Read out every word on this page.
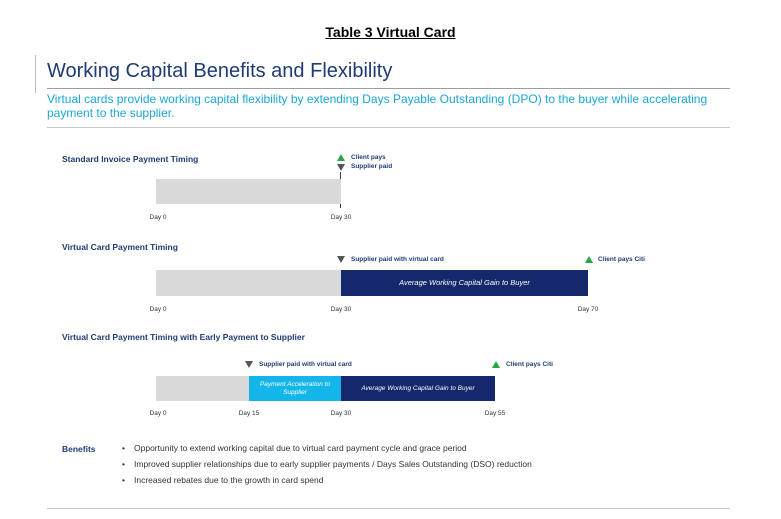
Table 3 Virtual Card
Working Capital Benefits and Flexibility
Virtual cards provide working capital flexibility by extending Days Payable Outstanding (DPO) to the buyer while accelerating payment to the supplier.
Standard Invoice Payment Timing	Client pays
Supplier paid
Day 0	Day 30
Virtual Card Payment Timing
Supplier paid with virtual card	Client pays Citi
Average Working Capital Gain to Buyer
Day 0	Day 30	Day 70
Virtual Card Payment Timing with Early Payment to Supplier
Supplier paid with virtual card	Client pays Citi
Payment Acceleration to Supplier
Average Working Capital Gain to Buyer
Day 0	Day 15	Day 30	Day 55
Benefits	• Opportunity to extend working capital due to virtual card payment cycle and grace period
• Improved supplier relationships due to early supplier payments / Days Sales Outstanding (DSO) reduction
• Increased rebates due to the growth in card spend
